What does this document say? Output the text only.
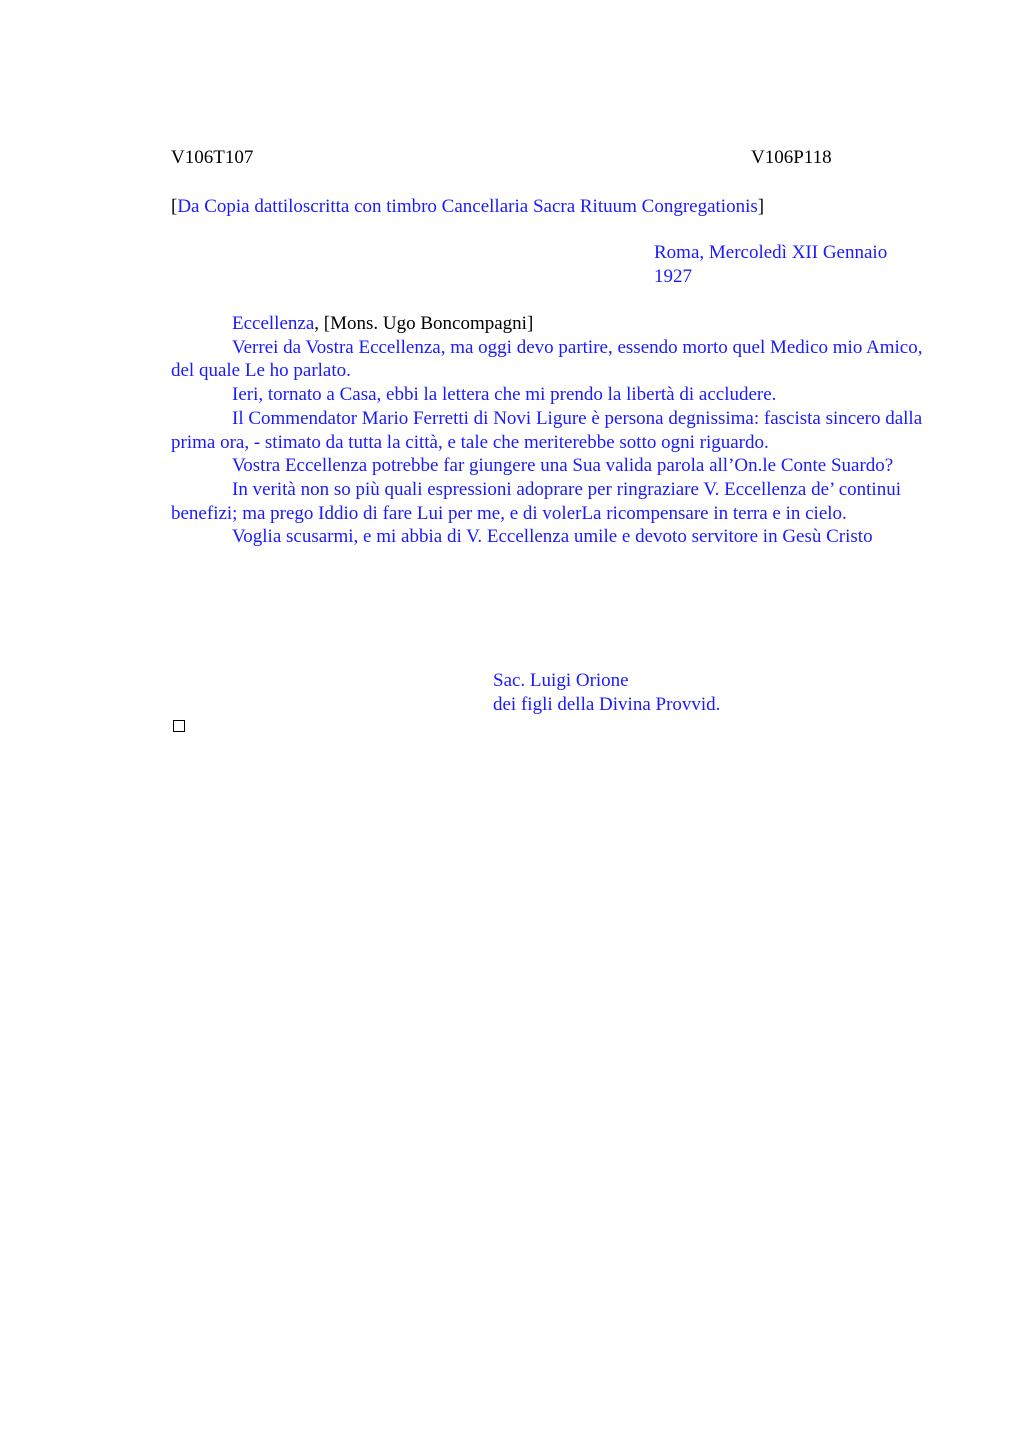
V106T107	V106P118
[Da Copia dattiloscritta con timbro Cancellaria Sacra Rituum Congregationis]
Roma, Mercoledì XII Gennaio
1927

Eccellenza, [Mons. Ugo Boncompagni]

Verrei da Vostra Eccellenza, ma oggi devo partire, essendo morto quel Medico mio Amico, del quale Le ho parlato.

Ieri, tornato a Casa, ebbi la lettera che mi prendo la libertà di accludere.

Il Commendator Mario Ferretti di Novi Ligure è persona degnissima: fascista sincero dalla prima ora, - stimato da tutta la città, e tale che meriterebbe sotto ogni riguardo.

Vostra Eccellenza potrebbe far giungere una Sua valida parola all’On.le Conte Suardo?

In verità non so più quali espressioni adoprare per ringraziare V. Eccellenza de’ continui benefizi; ma prego Iddio di fare Lui per me, e di volerLa ricompensare in terra e in cielo.

Voglia scusarmi, e mi abbia di V. Eccellenza umile e devoto servitore in Gesù Cristo

Sac. Luigi Orione
dei figli della Divina Provvid.
